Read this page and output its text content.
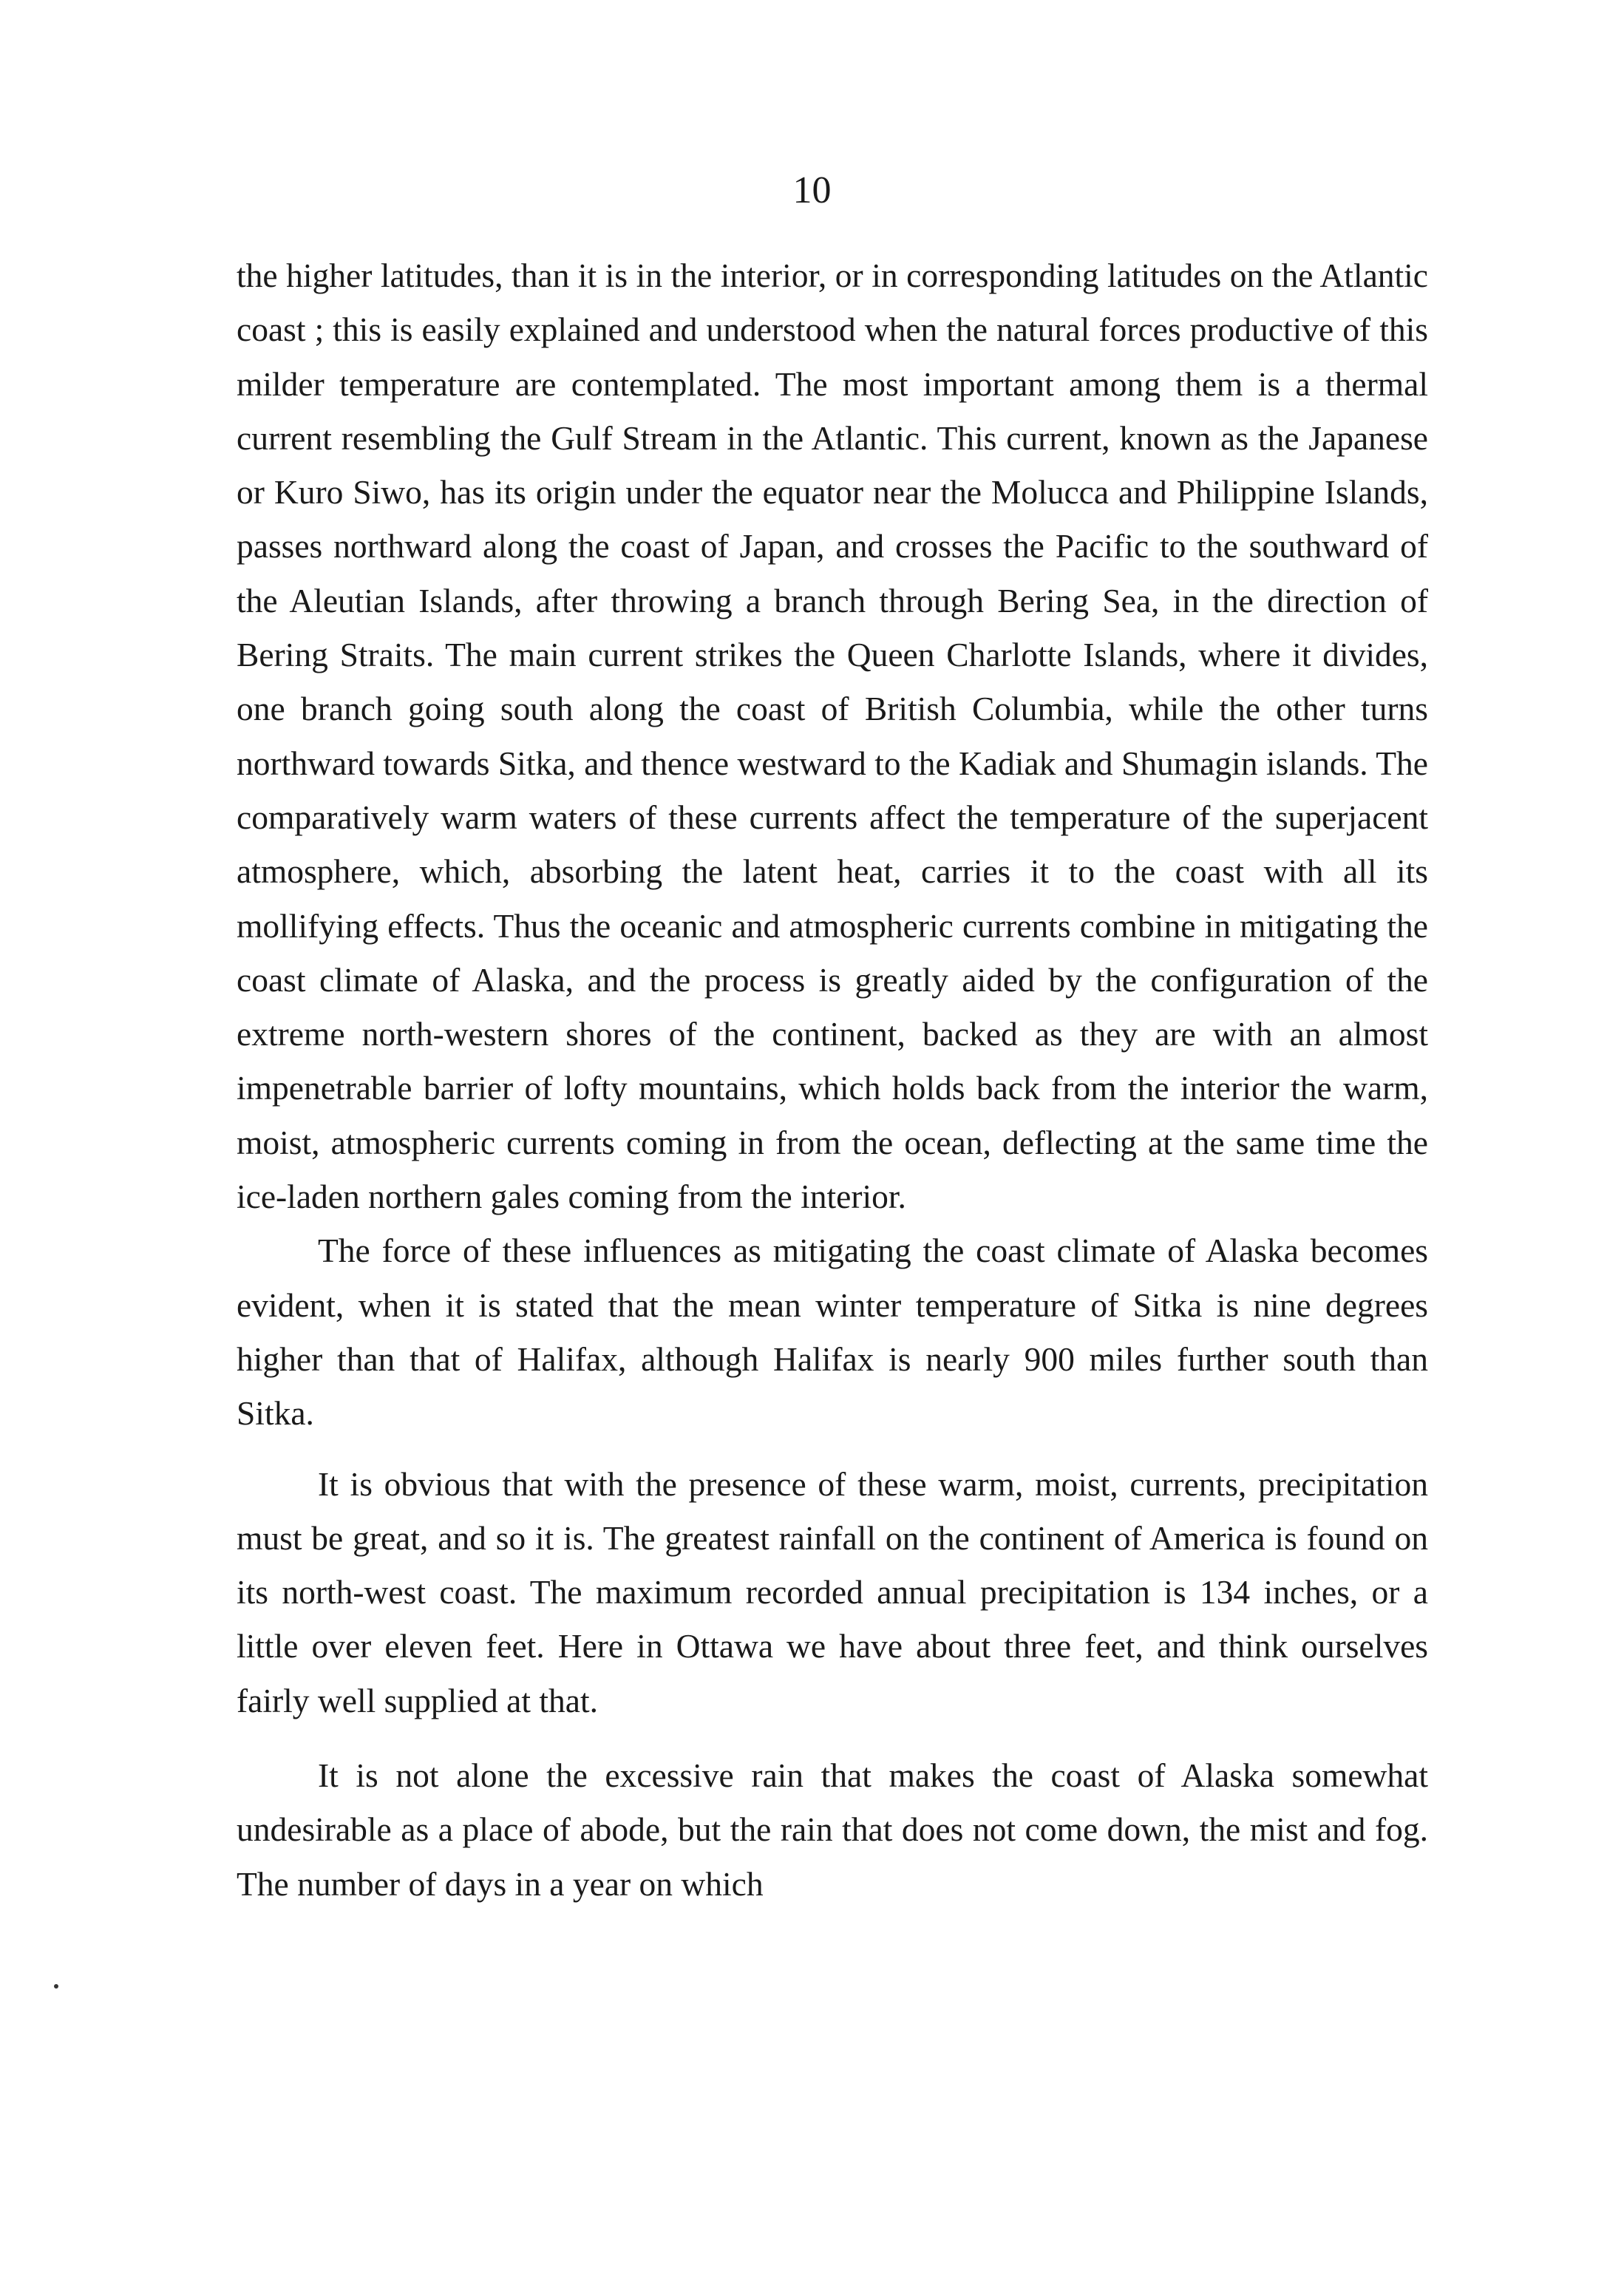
10

the higher latitudes, than it is in the interior, or in corresponding latitudes on the Atlantic coast ; this is easily explained and understood when the natural forces productive of this milder temperature are contemplated. The most important among them is a thermal current resembling the Gulf Stream in the Atlantic. This current, known as the Japanese or Kuro Siwo, has its origin under the equator near the Molucca and Philippine Islands, passes northward along the coast of Japan, and crosses the Pacific to the southward of the Aleutian Islands, after throwing a branch through Bering Sea, in the direction of Bering Straits. The main current strikes the Queen Charlotte Islands, where it divides, one branch going south along the coast of British Columbia, while the other turns northward towards Sitka, and thence westward to the Kadiak and Shumagin islands. The comparatively warm waters of these currents affect the temperature of the superjacent atmosphere, which, absorbing the latent heat, carries it to the coast with all its mollifying effects. Thus the oceanic and atmospheric currents combine in mitigating the coast climate of Alaska, and the process is greatly aided by the configuration of the extreme north-western shores of the continent, backed as they are with an almost impenetrable barrier of lofty mountains, which holds back from the interior the warm, moist, atmospheric currents coming in from the ocean, deflecting at the same time the ice-laden northern gales coming from the interior.

The force of these influences as mitigating the coast climate of Alaska becomes evident, when it is stated that the mean winter temperature of Sitka is nine degrees higher than that of Halifax, although Halifax is nearly 900 miles further south than Sitka.

It is obvious that with the presence of these warm, moist, currents, precipitation must be great, and so it is. The greatest rainfall on the continent of America is found on its north-west coast. The maximum recorded annual precipitation is 134 inches, or a little over eleven feet. Here in Ottawa we have about three feet, and think ourselves fairly well supplied at that.

It is not alone the excessive rain that makes the coast of Alaska somewhat undesirable as a place of abode, but the rain that does not come down, the mist and fog. The number of days in a year on which
